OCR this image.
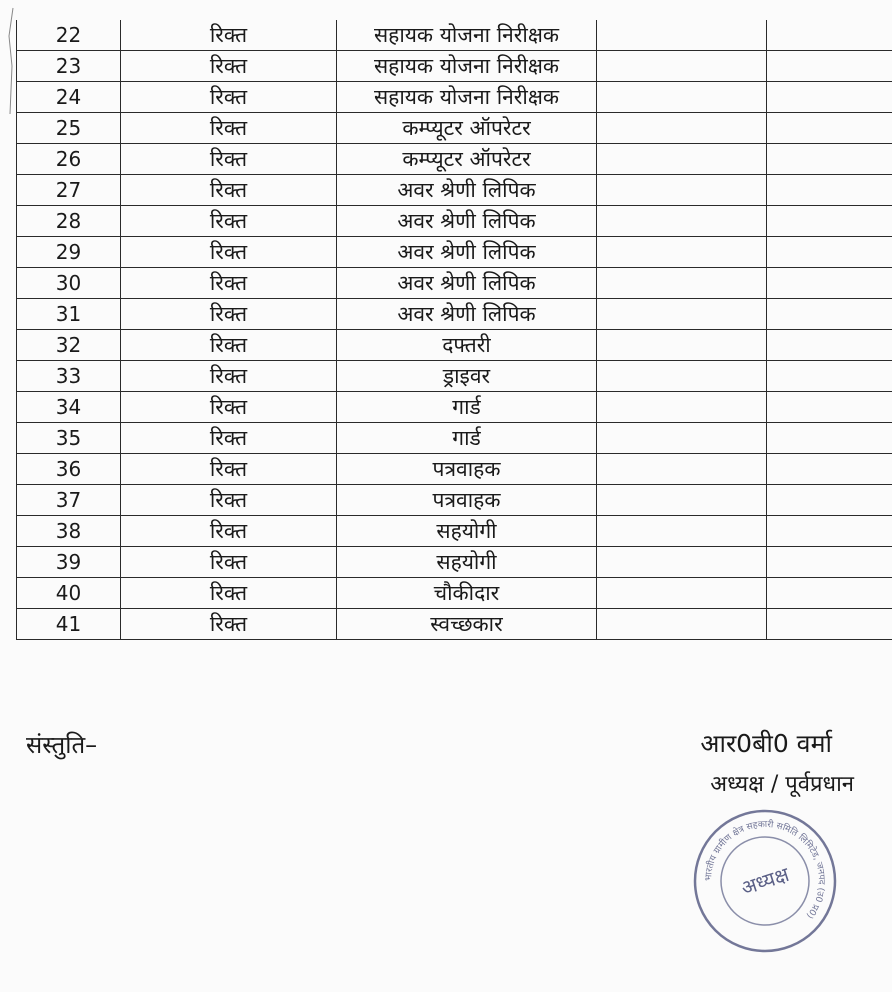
22	रिक्त	सहायक योजना निरीक्षक		
23	रिक्त	सहायक योजना निरीक्षक		
24	रिक्त	सहायक योजना निरीक्षक		
25	रिक्त	कम्प्यूटर ऑपरेटर		
26	रिक्त	कम्प्यूटर ऑपरेटर		
27	रिक्त	अवर श्रेणी लिपिक		
28	रिक्त	अवर श्रेणी लिपिक		
29	रिक्त	अवर श्रेणी लिपिक		
30	रिक्त	अवर श्रेणी लिपिक		
31	रिक्त	अवर श्रेणी लिपिक		
32	रिक्त	दफ्तरी		
33	रिक्त	ड्राइवर		
34	रिक्त	गार्ड		
35	रिक्त	गार्ड		
36	रिक्त	पत्रवाहक		
37	रिक्त	पत्रवाहक		
38	रिक्त	सहयोगी		
39	रिक्त	सहयोगी		
40	रिक्त	चौकीदार		
41	रिक्त	स्वच्छकार		
संस्तुति–	आर0बी0 वर्मा
अध्यक्ष / पूर्वप्रधान
भारतीय ग्रामीण क्षेत्र सहकारी समिति लिमिटेड, जनपद (उ0 प्र0)
अध्यक्ष
